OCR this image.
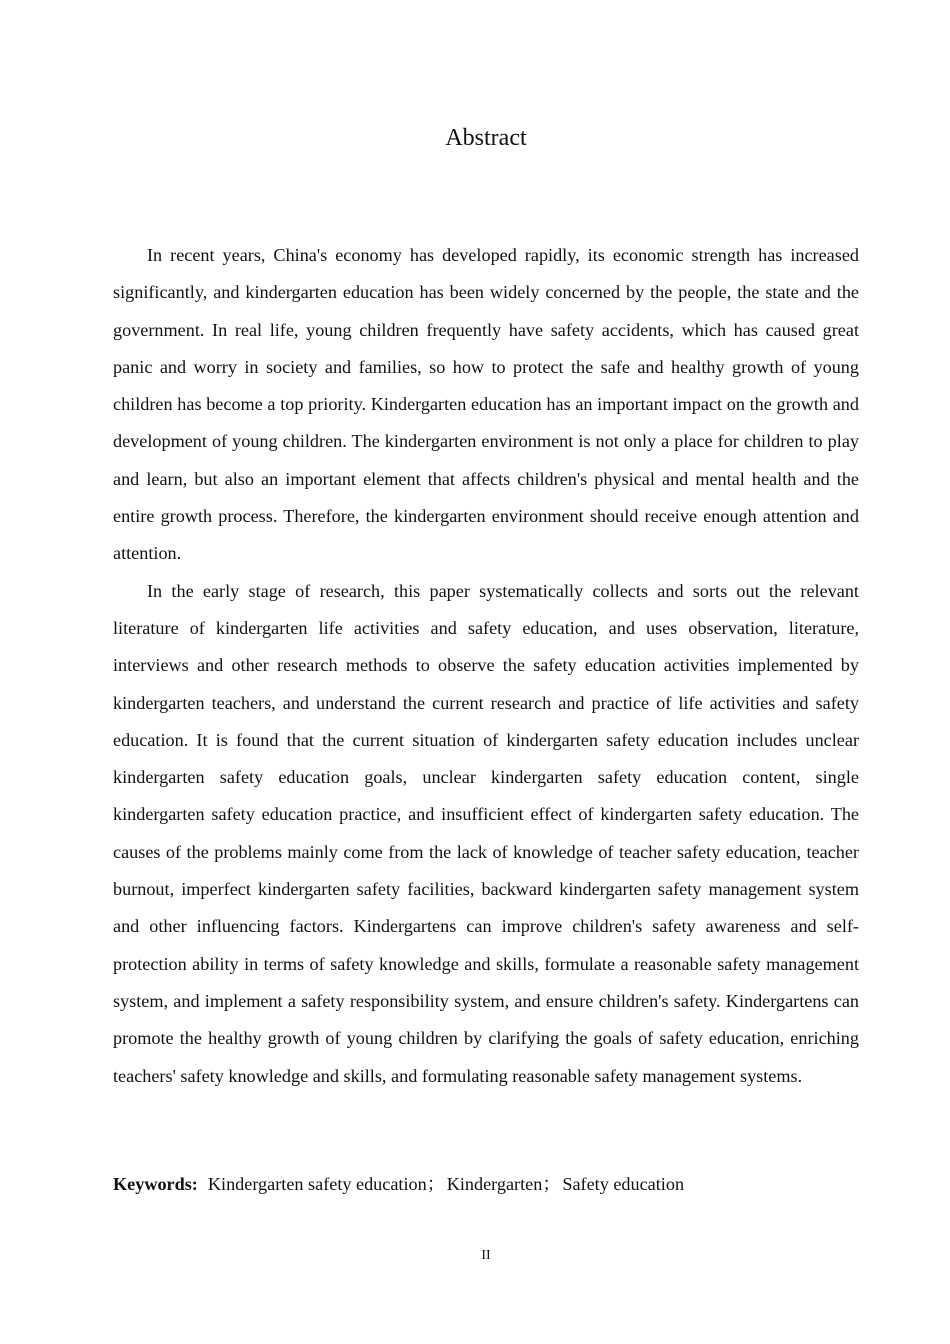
Abstract

In recent years, China's economy has developed rapidly, its economic strength has increased significantly, and kindergarten education has been widely concerned by the people, the state and the government. In real life, young children frequently have safety accidents, which has caused great panic and worry in society and families, so how to protect the safe and healthy growth of young children has become a top priority. Kindergarten education has an important impact on the growth and development of young children. The kindergarten environment is not only a place for children to play and learn, but also an important element that affects children's physical and mental health and the entire growth process. Therefore, the kindergarten environment should receive enough attention and attention.

In the early stage of research, this paper systematically collects and sorts out the relevant literature of kindergarten life activities and safety education, and uses observation, literature, interviews and other research methods to observe the safety education activities implemented by kindergarten teachers, and understand the current research and practice of life activities and safety education. It is found that the current situation of kindergarten safety education includes unclear kindergarten safety education goals, unclear kindergarten safety education content, single kindergarten safety education practice, and insufficient effect of kindergarten safety education. The causes of the problems mainly come from the lack of knowledge of teacher safety education, teacher burnout, imperfect kindergarten safety facilities, backward kindergarten safety management system and other influencing factors. Kindergartens can improve children's safety awareness and self-protection ability in terms of safety knowledge and skills, formulate a reasonable safety management system, and implement a safety responsibility system, and ensure children's safety. Kindergartens can promote the healthy growth of young children by clarifying the goals of safety education, enriching teachers' safety knowledge and skills, and formulating reasonable safety management systems.

Keywords: Kindergarten safety education；Kindergarten；Safety education

II
